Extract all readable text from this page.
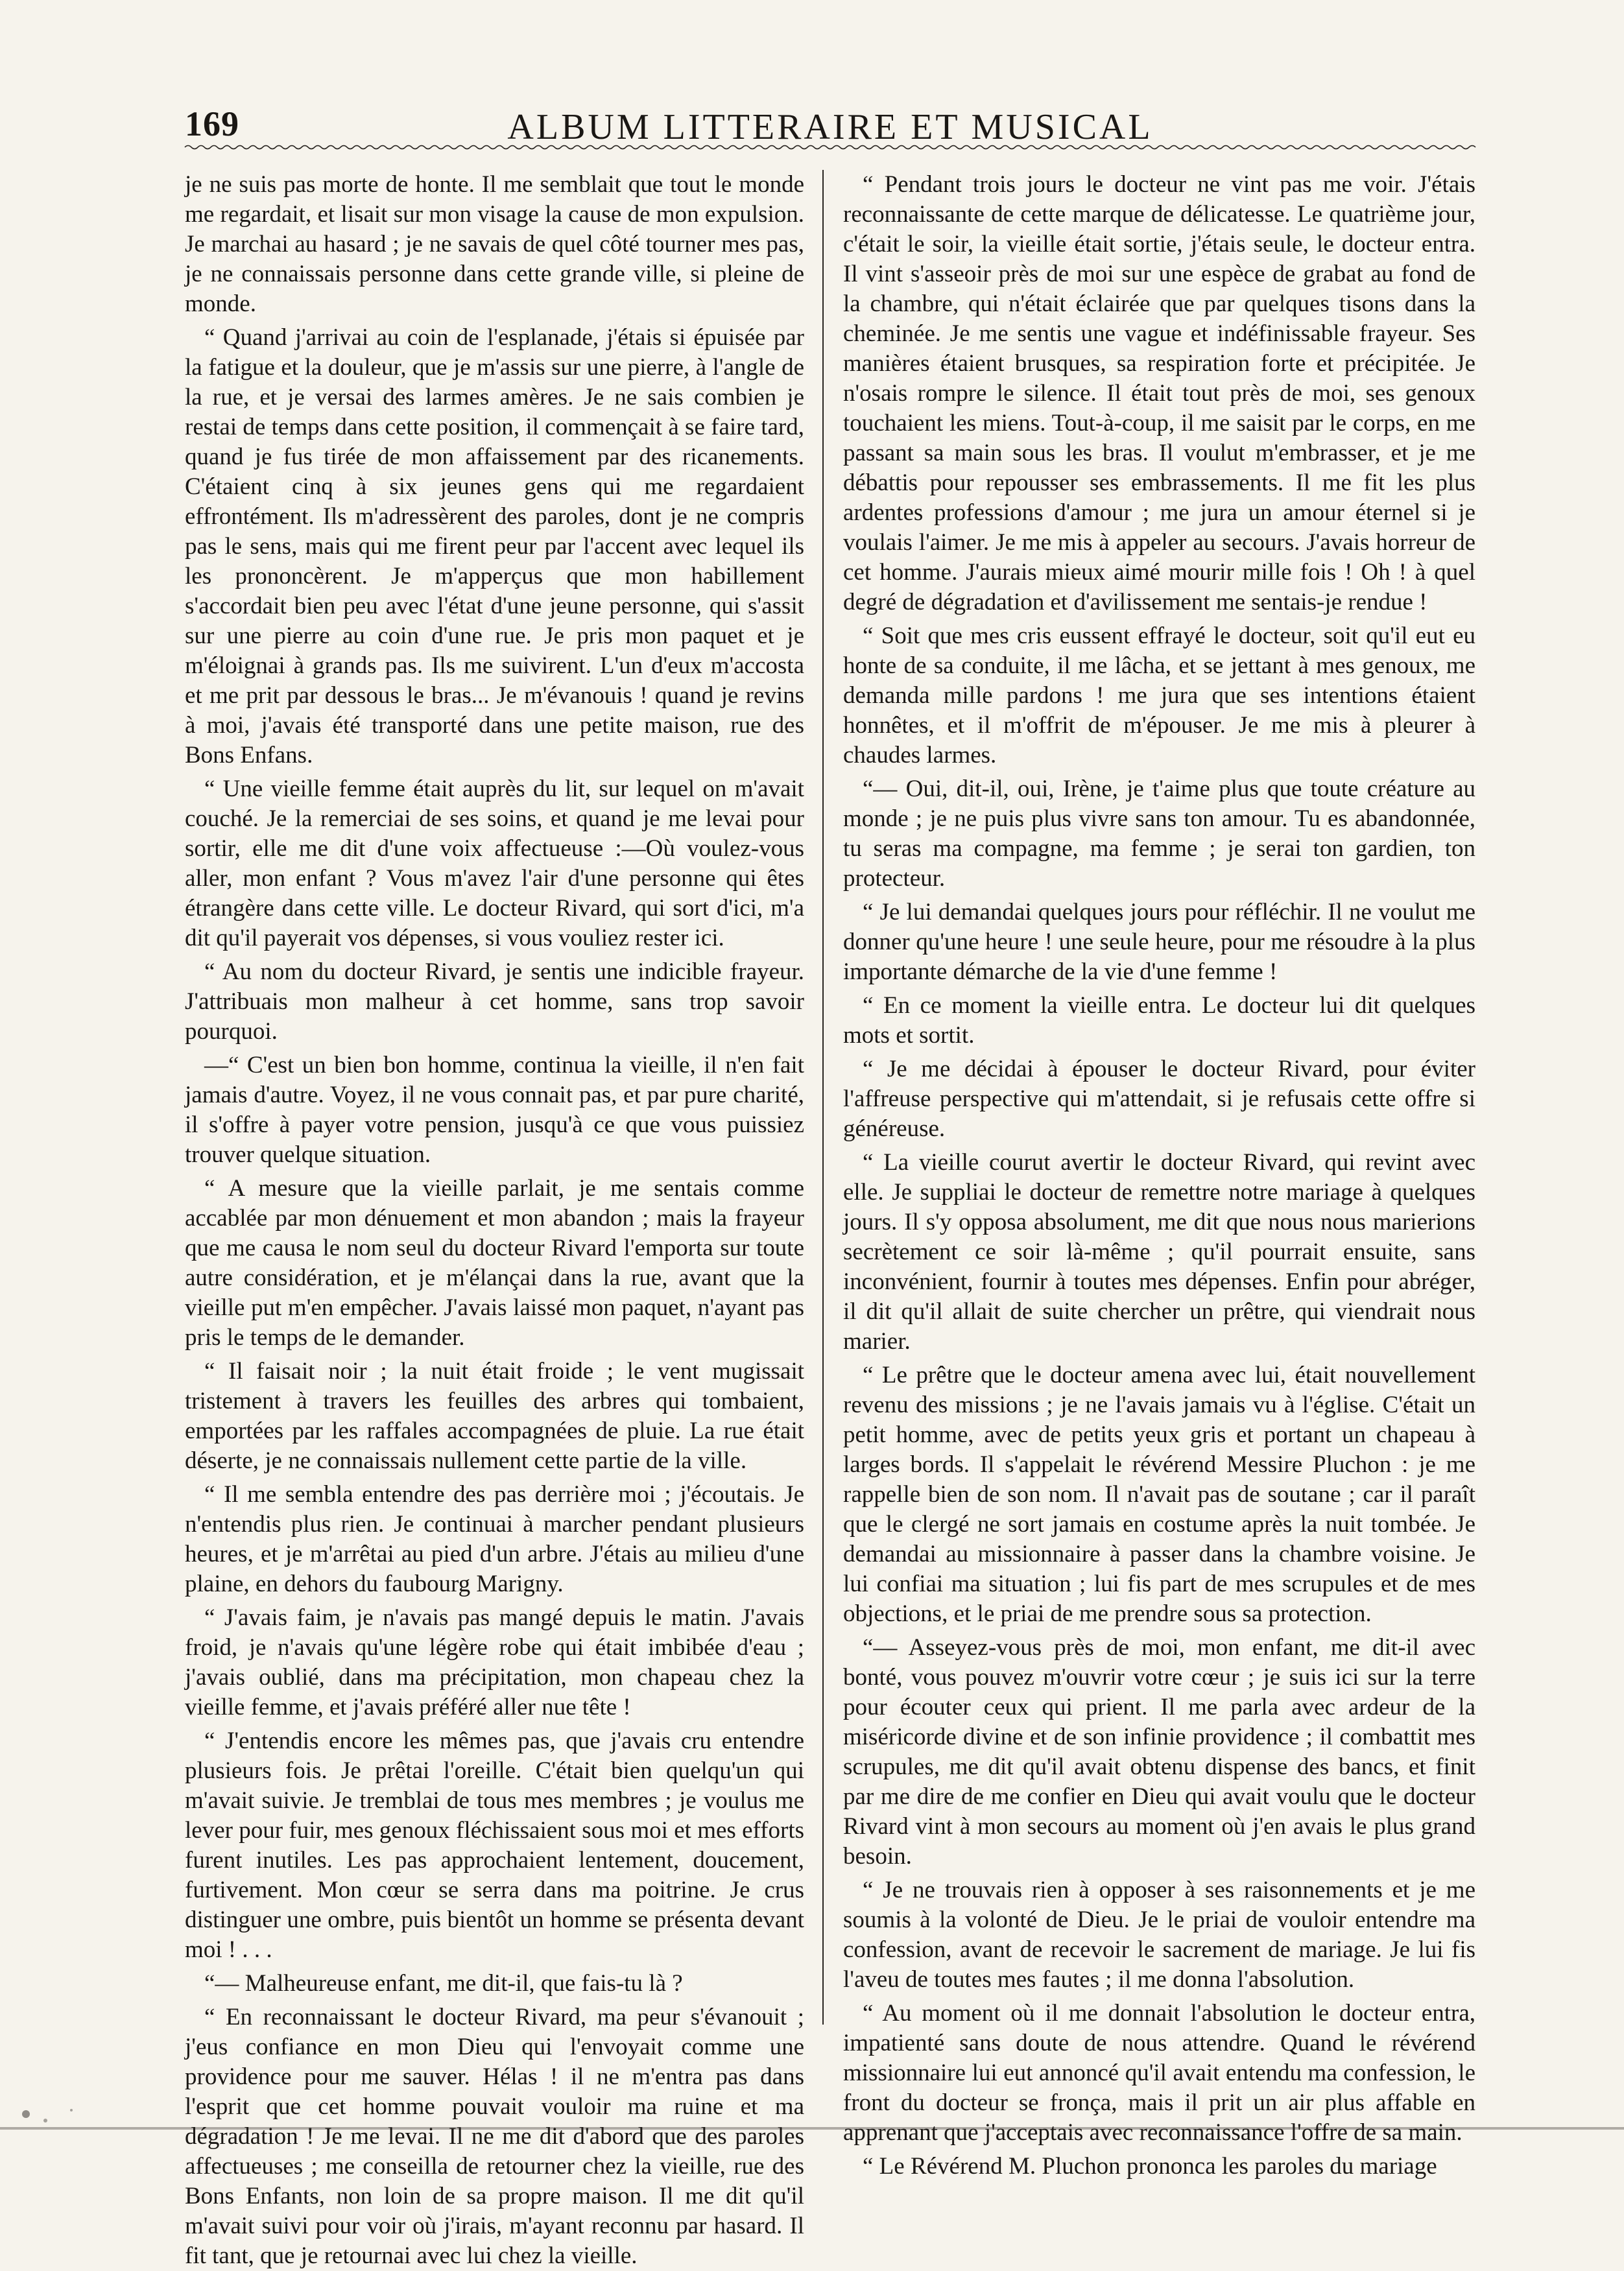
169	ALBUM LITTERAIRE ET MUSICAL

je ne suis pas morte de honte. Il me semblait que tout le monde me regardait, et lisait sur mon visage la cause de mon expulsion. Je marchai au hasard ; je ne savais de quel côté tourner mes pas, je ne connaissais personne dans cette grande ville, si pleine de monde.

“ Quand j'arrivai au coin de l'esplanade, j'étais si épuisée par la fatigue et la douleur, que je m'assis sur une pierre, à l'angle de la rue, et je versai des larmes amères. Je ne sais combien je restai de temps dans cette position, il commençait à se faire tard, quand je fus tirée de mon affaissement par des ricanements. C'étaient cinq à six jeunes gens qui me regardaient effrontément. Ils m'adressèrent des paroles, dont je ne compris pas le sens, mais qui me firent peur par l'accent avec lequel ils les prononcèrent. Je m'apperçus que mon habillement s'accordait bien peu avec l'état d'une jeune personne, qui s'assit sur une pierre au coin d'une rue. Je pris mon paquet et je m'éloignai à grands pas. Ils me suivirent. L'un d'eux m'accosta et me prit par dessous le bras... Je m'évanouis ! quand je revins à moi, j'avais été transporté dans une petite maison, rue des Bons Enfans.

“ Une vieille femme était auprès du lit, sur lequel on m'avait couché. Je la remerciai de ses soins, et quand je me levai pour sortir, elle me dit d'une voix affectueuse :—Où voulez-vous aller, mon enfant ? Vous m'avez l'air d'une personne qui êtes étrangère dans cette ville. Le docteur Rivard, qui sort d'ici, m'a dit qu'il payerait vos dépenses, si vous vouliez rester ici.

“ Au nom du docteur Rivard, je sentis une indicible frayeur. J'attribuais mon malheur à cet homme, sans trop savoir pourquoi.

—“ C'est un bien bon homme, continua la vieille, il n'en fait jamais d'autre. Voyez, il ne vous connait pas, et par pure charité, il s'offre à payer votre pension, jusqu'à ce que vous puissiez trouver quelque situation.

“ A mesure que la vieille parlait, je me sentais comme accablée par mon dénuement et mon abandon ; mais la frayeur que me causa le nom seul du docteur Rivard l'emporta sur toute autre considération, et je m'élançai dans la rue, avant que la vieille put m'en empêcher. J'avais laissé mon paquet, n'ayant pas pris le temps de le demander.

“ Il faisait noir ; la nuit était froide ; le vent mugissait tristement à travers les feuilles des arbres qui tombaient, emportées par les raffales accompagnées de pluie. La rue était déserte, je ne connaissais nullement cette partie de la ville.

“ Il me sembla entendre des pas derrière moi ; j'écoutais. Je n'entendis plus rien. Je continuai à marcher pendant plusieurs heures, et je m'arrêtai au pied d'un arbre. J'étais au milieu d'une plaine, en dehors du faubourg Marigny.

“ J'avais faim, je n'avais pas mangé depuis le matin. J'avais froid, je n'avais qu'une légère robe qui était imbibée d'eau ; j'avais oublié, dans ma précipitation, mon chapeau chez la vieille femme, et j'avais préféré aller nue tête !

“ J'entendis encore les mêmes pas, que j'avais cru entendre plusieurs fois. Je prêtai l'oreille. C'était bien quelqu'un qui m'avait suivie. Je tremblai de tous mes membres ; je voulus me lever pour fuir, mes genoux fléchissaient sous moi et mes efforts furent inutiles. Les pas approchaient lentement, doucement, furtivement. Mon cœur se serra dans ma poitrine. Je crus distinguer une ombre, puis bientôt un homme se présenta devant moi ! . . .

“— Malheureuse enfant, me dit-il, que fais-tu là ?

“ En reconnaissant le docteur Rivard, ma peur s'évanouit ; j'eus confiance en mon Dieu qui l'envoyait comme une providence pour me sauver. Hélas ! il ne m'entra pas dans l'esprit que cet homme pouvait vouloir ma ruine et ma dégradation ! Je me levai. Il ne me dit d'abord que des paroles affectueuses ; me conseilla de retourner chez la vieille, rue des Bons Enfants, non loin de sa propre maison. Il me dit qu'il m'avait suivi pour voir où j'irais, m'ayant reconnu par hasard. Il fit tant, que je retournai avec lui chez la vieille.

“ Pendant trois jours le docteur ne vint pas me voir. J'étais reconnaissante de cette marque de délicatesse. Le quatrième jour, c'était le soir, la vieille était sortie, j'étais seule, le docteur entra. Il vint s'asseoir près de moi sur une espèce de grabat au fond de la chambre, qui n'était éclairée que par quelques tisons dans la cheminée. Je me sentis une vague et indéfinissable frayeur. Ses manières étaient brusques, sa respiration forte et précipitée. Je n'osais rompre le silence. Il était tout près de moi, ses genoux touchaient les miens. Tout-à-coup, il me saisit par le corps, en me passant sa main sous les bras. Il voulut m'embrasser, et je me débattis pour repousser ses embrassements. Il me fit les plus ardentes professions d'amour ; me jura un amour éternel si je voulais l'aimer. Je me mis à appeler au secours. J'avais horreur de cet homme. J'aurais mieux aimé mourir mille fois ! Oh ! à quel degré de dégradation et d'avilissement me sentais-je rendue !

“ Soit que mes cris eussent effrayé le docteur, soit qu'il eut eu honte de sa conduite, il me lâcha, et se jettant à mes genoux, me demanda mille pardons ! me jura que ses intentions étaient honnêtes, et il m'offrit de m'épouser. Je me mis à pleurer à chaudes larmes.

“— Oui, dit-il, oui, Irène, je t'aime plus que toute créature au monde ; je ne puis plus vivre sans ton amour. Tu es abandonnée, tu seras ma compagne, ma femme ; je serai ton gardien, ton protecteur.

“ Je lui demandai quelques jours pour réfléchir. Il ne voulut me donner qu'une heure ! une seule heure, pour me résoudre à la plus importante démarche de la vie d'une femme !

“ En ce moment la vieille entra. Le docteur lui dit quelques mots et sortit.

“ Je me décidai à épouser le docteur Rivard, pour éviter l'affreuse perspective qui m'attendait, si je refusais cette offre si généreuse.

“ La vieille courut avertir le docteur Rivard, qui revint avec elle. Je suppliai le docteur de remettre notre mariage à quelques jours. Il s'y opposa absolument, me dit que nous nous marierions secrètement ce soir là-même ; qu'il pourrait ensuite, sans inconvénient, fournir à toutes mes dépenses. Enfin pour abréger, il dit qu'il allait de suite chercher un prêtre, qui viendrait nous marier.

“ Le prêtre que le docteur amena avec lui, était nouvellement revenu des missions ; je ne l'avais jamais vu à l'église. C'était un petit homme, avec de petits yeux gris et portant un chapeau à larges bords. Il s'appelait le révérend Messire Pluchon : je me rappelle bien de son nom. Il n'avait pas de soutane ; car il paraît que le clergé ne sort jamais en costume après la nuit tombée. Je demandai au missionnaire à passer dans la chambre voisine. Je lui confiai ma situation ; lui fis part de mes scrupules et de mes objections, et le priai de me prendre sous sa protection.

“— Asseyez-vous près de moi, mon enfant, me dit-il avec bonté, vous pouvez m'ouvrir votre cœur ; je suis ici sur la terre pour écouter ceux qui prient. Il me parla avec ardeur de la miséricorde divine et de son infinie providence ; il combattit mes scrupules, me dit qu'il avait obtenu dispense des bancs, et finit par me dire de me confier en Dieu qui avait voulu que le docteur Rivard vint à mon secours au moment où j'en avais le plus grand besoin.

“ Je ne trouvais rien à opposer à ses raisonnements et je me soumis à la volonté de Dieu. Je le priai de vouloir entendre ma confession, avant de recevoir le sacrement de mariage. Je lui fis l'aveu de toutes mes fautes ; il me donna l'absolution.

“ Au moment où il me donnait l'absolution le docteur entra, impatienté sans doute de nous attendre. Quand le révérend missionnaire lui eut annoncé qu'il avait entendu ma confession, le front du docteur se fronça, mais il prit un air plus affable en apprenant que j'acceptais avec reconnaissance l'offre de sa main.

“ Le Révérend M. Pluchon prononca les paroles du mariage
